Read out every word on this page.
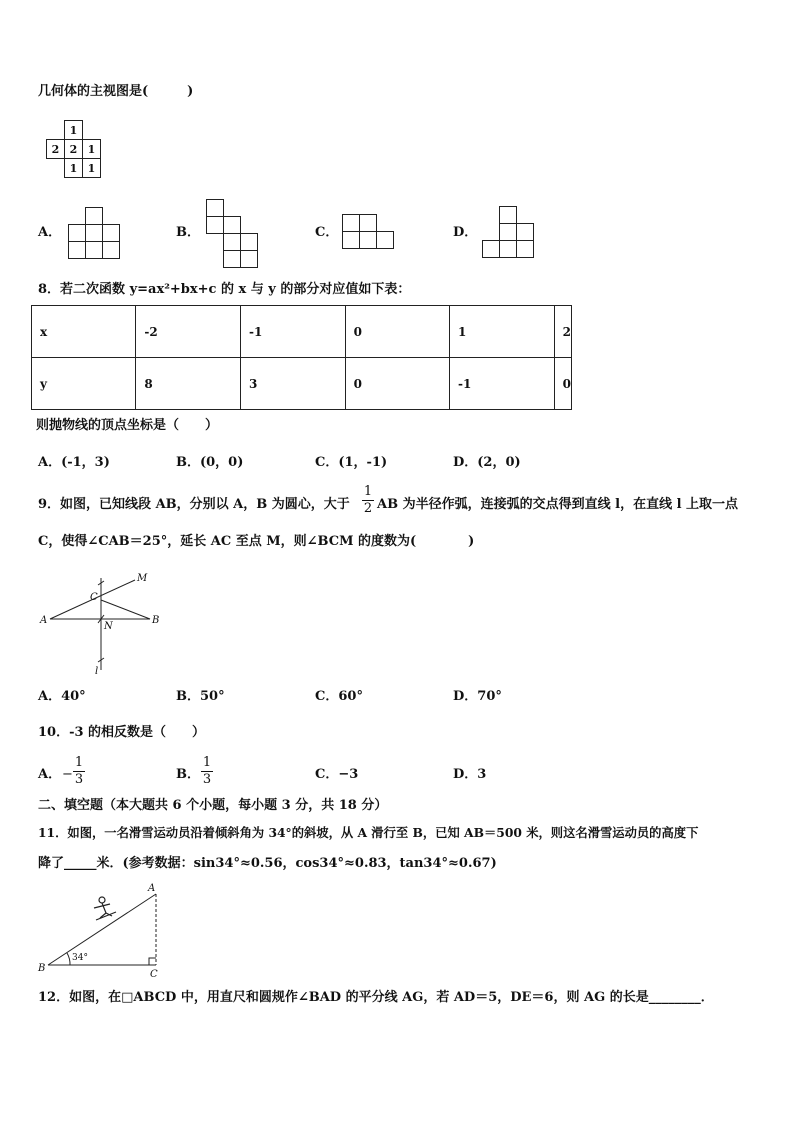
几何体的主视图是(　　　)
1
2 2 1
1 1
A．	B．	C．	D．
8．若二次函数 y=ax²+bx+c 的 x 与 y 的部分对应值如下表：
x	-2	-1	0	1	2
y	8	3	0	-1	0
则抛物线的顶点坐标是（　　）
A．(-1，3)	B．(0，0)	C．(1，-1)	D．(2，0)
9．如图，已知线段 AB，分别以 A，B 为圆心，大于
1
2 AB 为半径作弧，连接弧的交点得到直线 l，在直线 l 上取一点
C，使得∠CAB＝25°，延长 AC 至点 M，则∠BCM 的度数为(　　　　)
A	B
C
M
N
l
A．40°	B．50°	C．60°	D．70°
10．-3 的相反数是（　　）
A． −
1
3	B．
1
3	C．−3	D．3
二、填空题（本大题共 6 个小题，每小题 3 分，共 18 分）
11．如图，一名滑雪运动员沿着倾斜角为 34°的斜坡，从 A 滑行至 B，已知 AB＝500 米，则这名滑雪运动员的高度下
降了_____米．(参考数据：sin34°≈0.56，cos34°≈0.83，tan34°≈0.67)
A
B
C
34°
12．如图，在□ABCD 中，用直尺和圆规作∠BAD 的平分线 AG，若 AD＝5，DE＝6，则 AG 的长是________．
